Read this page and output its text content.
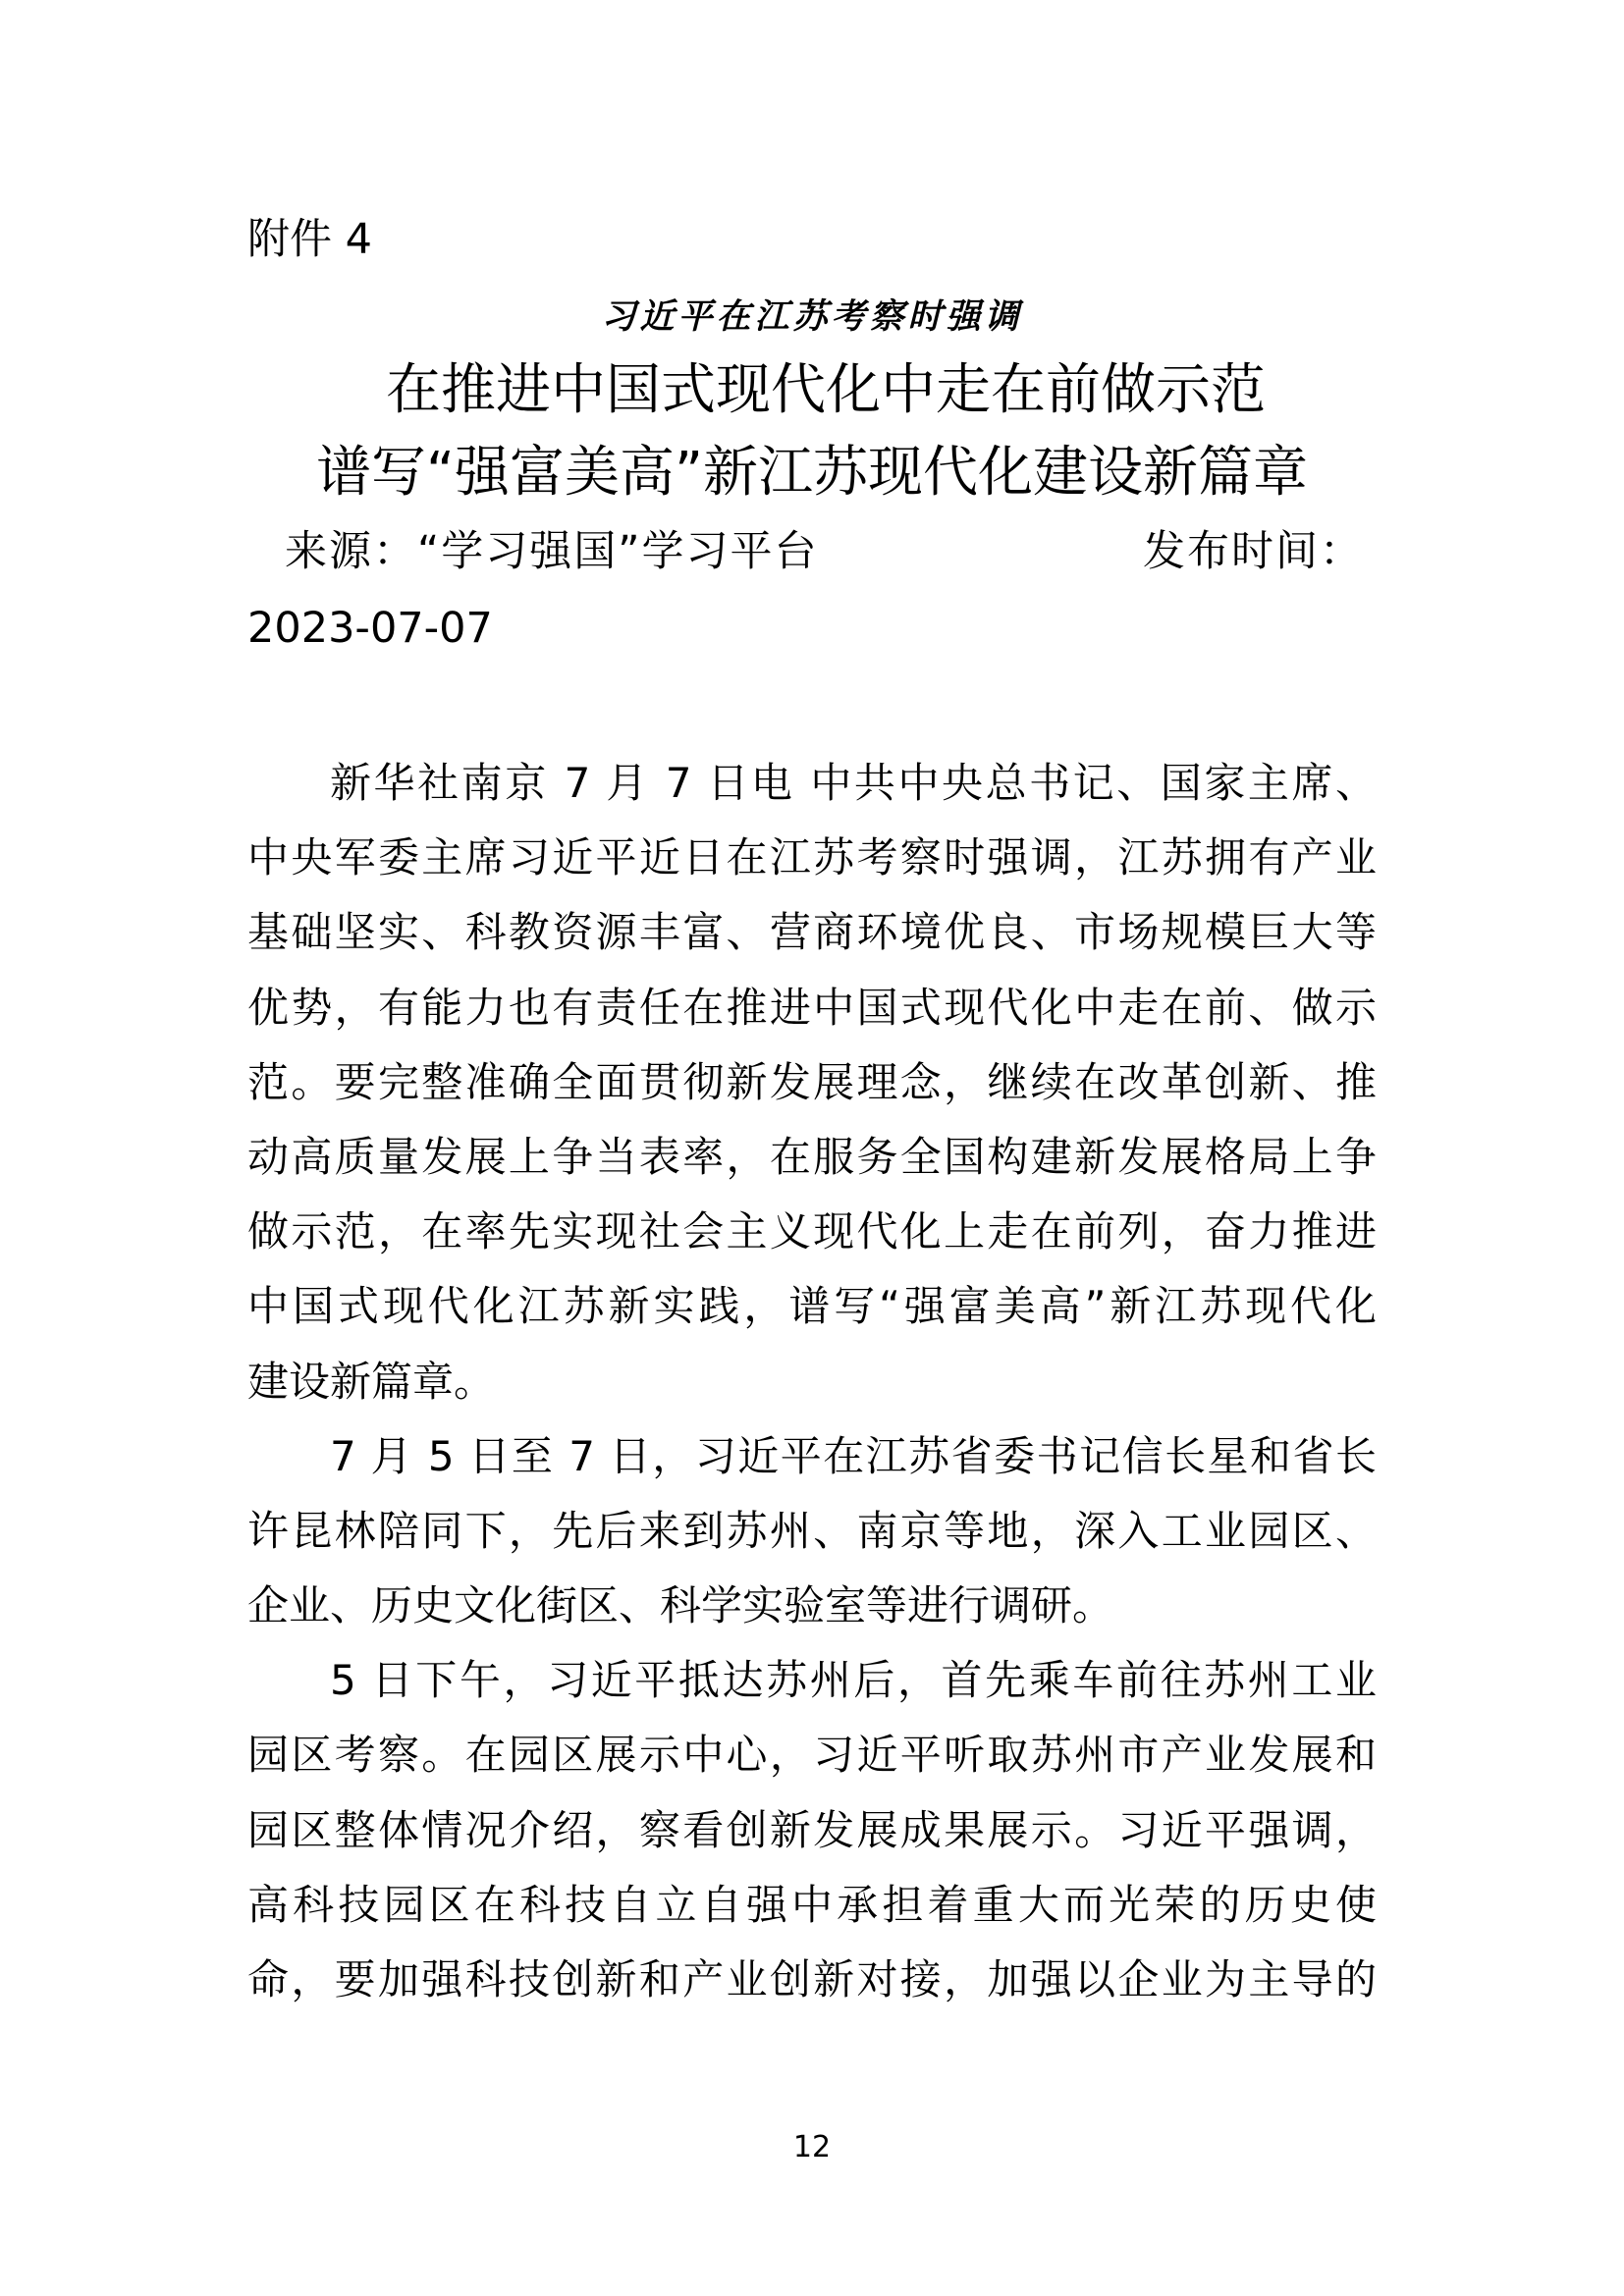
附件 4
习近平在江苏考察时强调
在推进中国式现代化中走在前做示范
谱写“强富美高”新江苏现代化建设新篇章
来源：“学习强国”学习平台	发布时间：
2023-07-07
新华社南京 7 月 7 日电 中共中央总书记、国家主席、
中央军委主席习近平近日在江苏考察时强调，江苏拥有产业
基础坚实、科教资源丰富、营商环境优良、市场规模巨大等
优势，有能力也有责任在推进中国式现代化中走在前、做示
范。要完整准确全面贯彻新发展理念，继续在改革创新、推
动高质量发展上争当表率，在服务全国构建新发展格局上争
做示范，在率先实现社会主义现代化上走在前列，奋力推进
中国式现代化江苏新实践，谱写“强富美高”新江苏现代化
建设新篇章。
7 月 5 日至 7 日，习近平在江苏省委书记信长星和省长
许昆林陪同下，先后来到苏州、南京等地，深入工业园区、
企业、历史文化街区、科学实验室等进行调研。
5 日下午，习近平抵达苏州后，首先乘车前往苏州工业
园区考察。在园区展示中心，习近平听取苏州市产业发展和
园区整体情况介绍，察看创新发展成果展示。习近平强调，
高科技园区在科技自立自强中承担着重大而光荣的历史使
命，要加强科技创新和产业创新对接，加强以企业为主导的
12
